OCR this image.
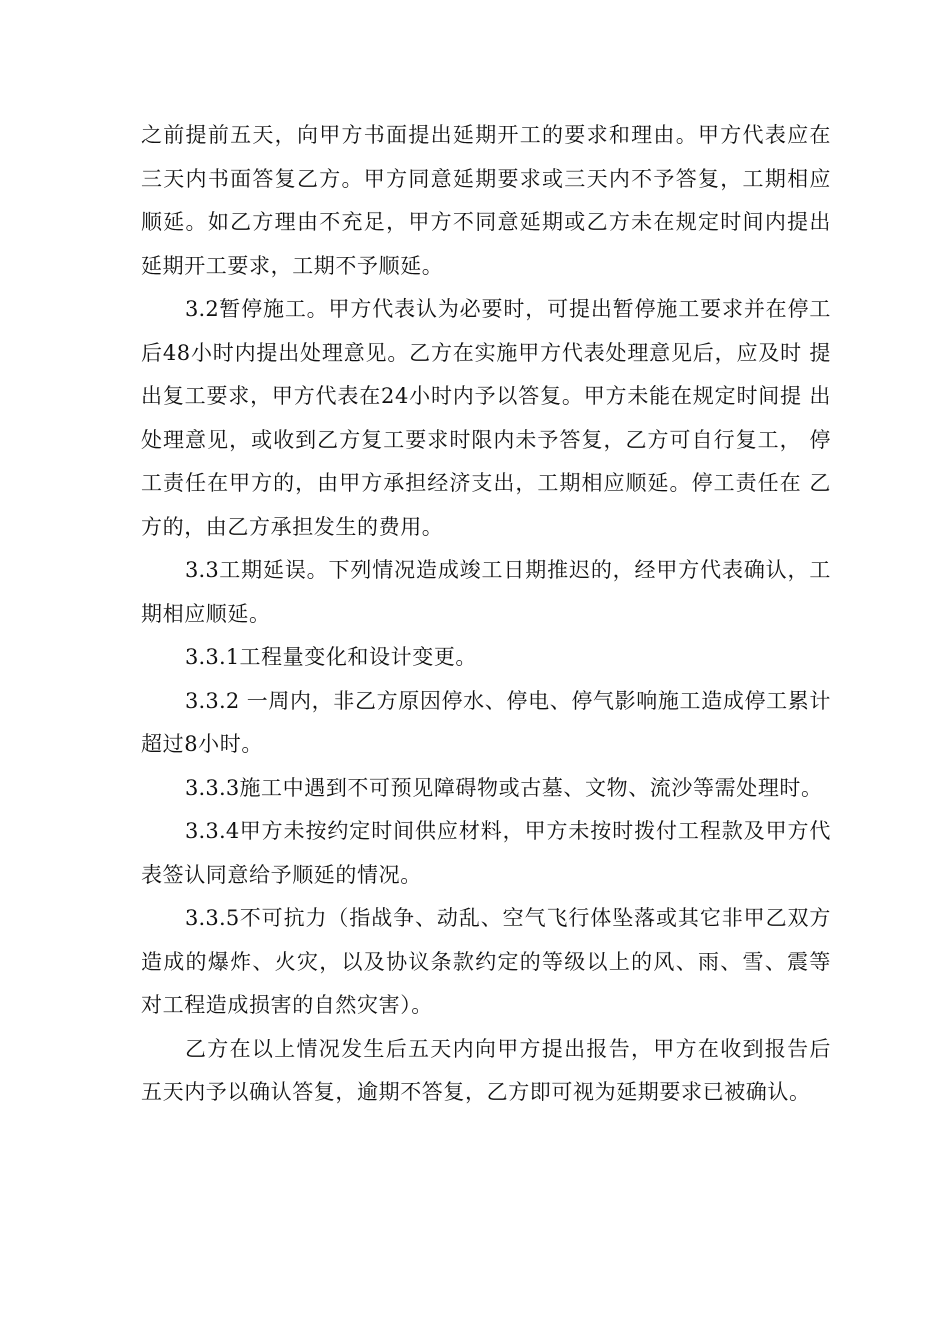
之前提前五天，向甲方书面提出延期开工的要求和理由。甲方代表应在三天内书面答复乙方。甲方同意延期要求或三天内不予答复，工期相应顺延。如乙方理由不充足，甲方不同意延期或乙方未在规定时间内提出延期开工要求，工期不予顺延。

3.2暂停施工。甲方代表认为必要时，可提出暂停施工要求并在停工后48小时内提出处理意见。乙方在实施甲方代表处理意见后，应及时 提出复工要求，甲方代表在24小时内予以答复。甲方未能在规定时间提 出处理意见，或收到乙方复工要求时限内未予答复，乙方可自行复工， 停工责任在甲方的，由甲方承担经济支出，工期相应顺延。停工责任在 乙方的，由乙方承担发生的费用。

3.3工期延误。下列情况造成竣工日期推迟的，经甲方代表确认，工期相应顺延。

3.3.1工程量变化和设计变更。

3.3.2 一周内，非乙方原因停水、停电、停气影响施工造成停工累计超过8小时。

3.3.3施工中遇到不可预见障碍物或古墓、文物、流沙等需处理时。

3.3.4甲方未按约定时间供应材料，甲方未按时拨付工程款及甲方代表签认同意给予顺延的情况。

3.3.5不可抗力（指战争、动乱、空气飞行体坠落或其它非甲乙双方造成的爆炸、火灾，以及协议条款约定的等级以上的风、雨、雪、震等对工程造成损害的自然灾害）。

乙方在以上情况发生后五天内向甲方提出报告，甲方在收到报告后五天内予以确认答复，逾期不答复，乙方即可视为延期要求已被确认。
